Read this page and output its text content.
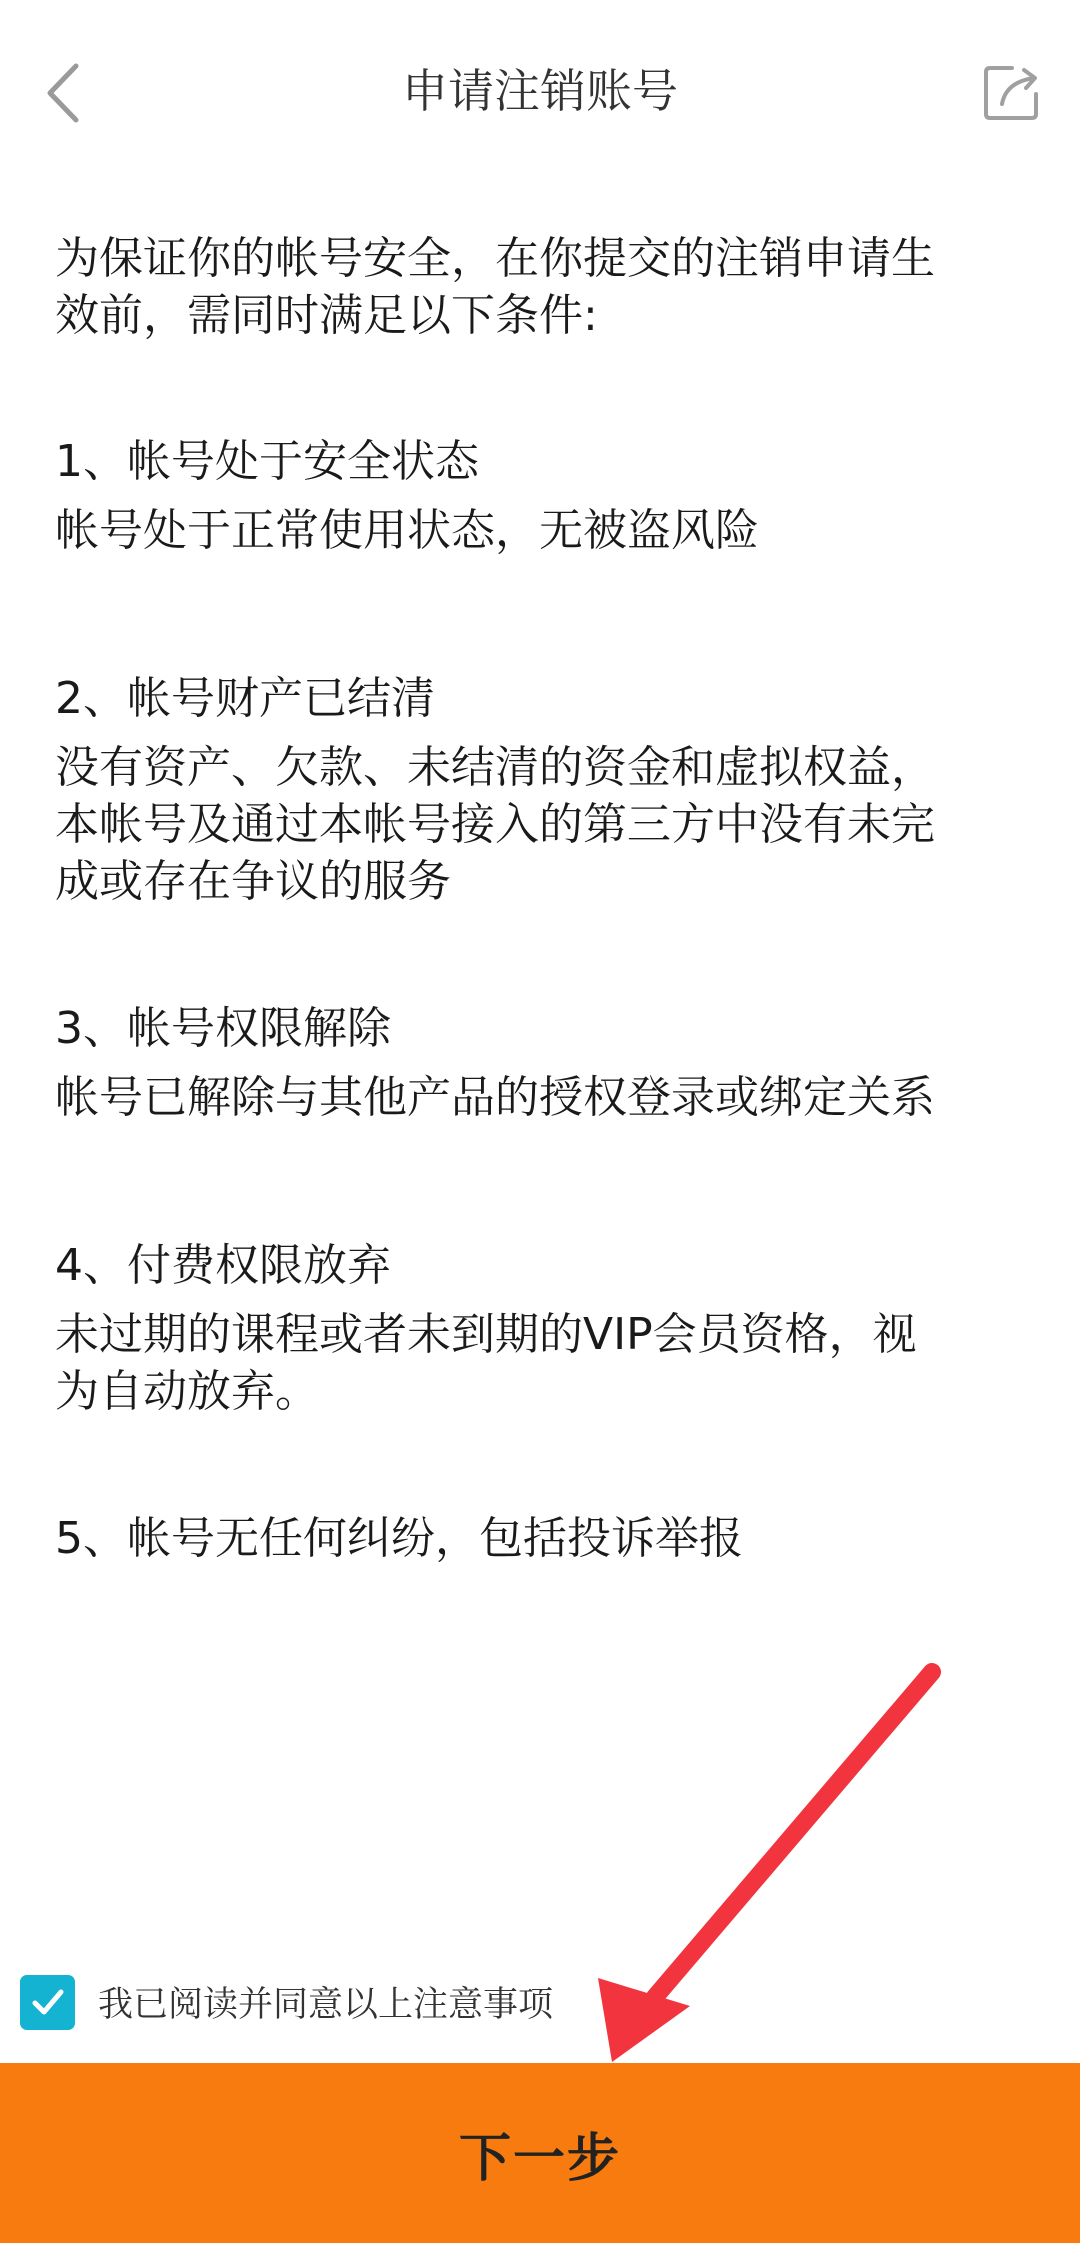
申请注销账号

为保证你的帐号安全，在你提交的注销申请生

效前，需同时满足以下条件:

1、帐号处于安全状态

帐号处于正常使用状态，无被盗风险

2、帐号财产已结清

没有资产、欠款、未结清的资金和虚拟权益，

本帐号及通过本帐号接入的第三方中没有未完

成或存在争议的服务

3、帐号权限解除

帐号已解除与其他产品的授权登录或绑定关系

4、付费权限放弃

未过期的课程或者未到期的VIP会员资格，视

为自动放弃。

5、帐号无任何纠纷，包括投诉举报

我已阅读并同意以上注意事项
下一步
